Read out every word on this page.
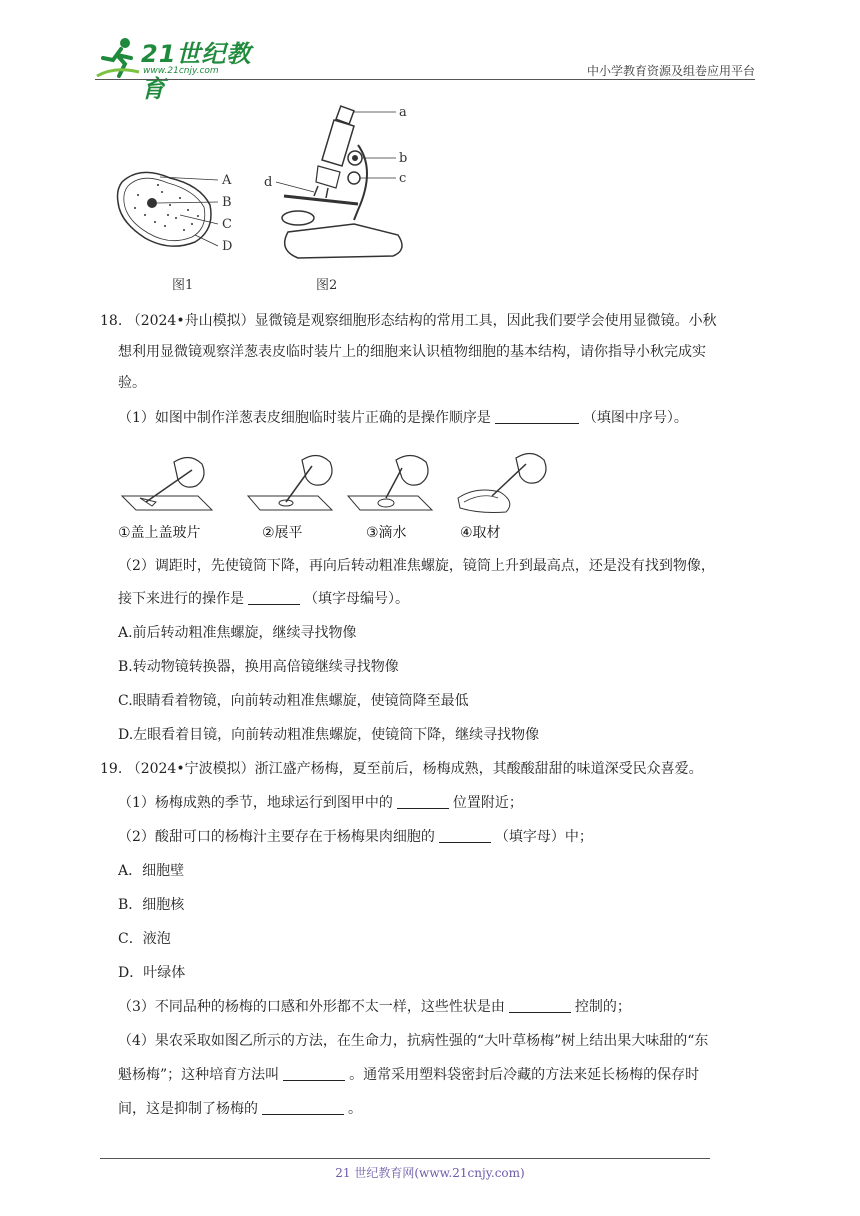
21世纪教育
www.21cnjy.com	中小学教育资源及组卷应用平台
A
B
C
D
图1
a
b
c
d
图2
18. （2024•舟山模拟）显微镜是观察细胞形态结构的常用工具，因此我们要学会使用显微镜。小秋
想利用显微镜观察洋葱表皮临时装片上的细胞来认识植物细胞的基本结构，请你指导小秋完成实
验。
（1）如图中制作洋葱表皮细胞临时装片正确的是操作顺序是	（填图中序号）。
①盖上盖玻片	②展平	③滴水	④取材
（2）调距时，先使镜筒下降，再向后转动粗准焦螺旋，镜筒上升到最高点，还是没有找到物像，
接下来进行的操作是	（填字母编号）。
A.前后转动粗准焦螺旋，继续寻找物像
B.转动物镜转换器，换用高倍镜继续寻找物像
C.眼睛看着物镜，向前转动粗准焦螺旋，使镜筒降至最低
D.左眼看着目镜，向前转动粗准焦螺旋，使镜筒下降，继续寻找物像
19. （2024•宁波模拟）浙江盛产杨梅，夏至前后，杨梅成熟，其酸酸甜甜的味道深受民众喜爱。
（1）杨梅成熟的季节，地球运行到图甲中的	位置附近；
（2）酸甜可口的杨梅汁主要存在于杨梅果肉细胞的	（填字母）中；
A．细胞壁
B．细胞核
C．液泡
D．叶绿体
（3）不同品种的杨梅的口感和外形都不太一样，这些性状是由	控制的；
（4）果农采取如图乙所示的方法，在生命力，抗病性强的“大叶草杨梅”树上结出果大味甜的“东
魁杨梅”；这种培育方法叫	。通常采用塑料袋密封后冷藏的方法来延长杨梅的保存时
间，这是抑制了杨梅的	。
21 世纪教育网(www.21cnjy.com)
